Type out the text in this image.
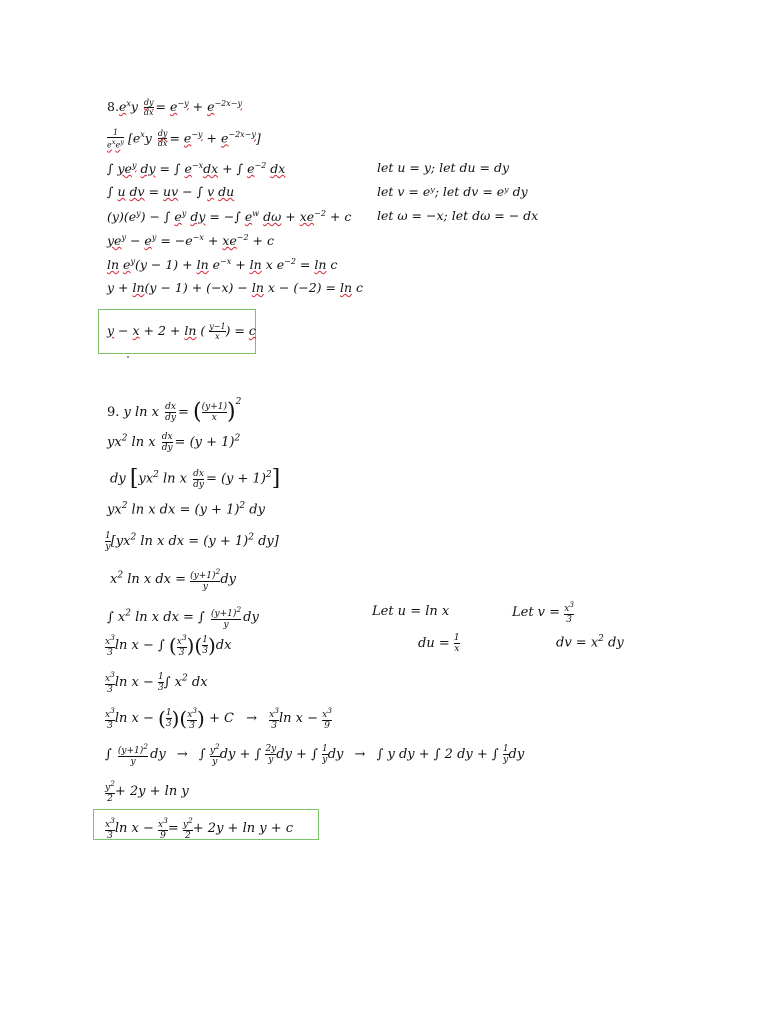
$8.e^xy \frac{dy}{dx} = e^{-y} + e^{-2x-y}$
1
$e^xe^y$ $[e^xy \frac{dy}{dx} = e^{-y} + e^{-2x-y}]$
∫ $ye^y$ dy = ∫ $e^{-x}dx$ + ∫ $e^{-2}$ dx	let u = y; let du = dy
∫ u dv = uv − ∫ v du	let v = eʸ; let dv = eʸ dy
$(y)(e^y)$ − ∫ $e^y$ dy = −∫ $e^w$ $d\omega + xe^{-2} + c$ let ω = −x; let dω = − dx
$ye^y - e^y = -e^{-x} + xe^{-2} + c$
$\ln e^y(y - 1) + \ln e^{-x} + \ln x$ $e^{-2} = \ln c$
y + ln(y − 1) + (−x) − ln x − (−2) = ln c
y − x + 2 + ln ( $\frac{y-1}{x}$ ) = c
9. y ln x $\frac{dx}{dy}$ = ( $\frac{(y+1)}{x} )^2$
$yx^2$ ln x $\frac{dx}{dy} = (y + 1)^2$
dy [$yx^2$ ln x $\frac{dx}{dy} = (y + 1)^2$]
$yx^2$ ln x dx = $(y + 1)^2$ dy
$\frac{1}{y} [yx^2$ ln x dx = $(y + 1)^2$ dy]
$x^2$ ln x dx = $\frac{(y+1)^2}{y}$ dy
∫ $x^2$ ln x dx = ∫ $\frac{(y+1)^2}{y}$ dy	Let u = ln x	Let $v = \frac{x^3}{3}$
$\frac{x^3}{3}$ ln x − ∫ ( $\frac{x^3}{3}$ )( $\frac{1}{3} )dx$	du = $\frac{1}{x}$	dv = $x^2$ dy
$\frac{x^3}{3}$ $\ln x - \frac{1}{3}$ ∫ $x^2$ dx
$\frac{x^3}{3}$ ln x − ( $\frac{1}{3}$ )( $\frac{x^3}{3}$ ) + $C \to \frac{x^3}{3}$ $\ln x - \frac{x^3}{9}$
∫ $\frac{(y+1)^2}{y}$ dy → ∫ $\frac{y^2}{y}$ dy + ∫ $\frac{2y}{y}$ dy + ∫ $\frac{1}{y}$ dy → ∫ y dy + ∫ 2 dy + ∫ $\frac{1}{y}$ dy
$\frac{y^2}{2} + 2y + \ln y$
$\frac{x^3}{3}$ $\ln x - \frac{x^3}{9} = \frac{y^2}{2} + 2y + \ln y + c$
